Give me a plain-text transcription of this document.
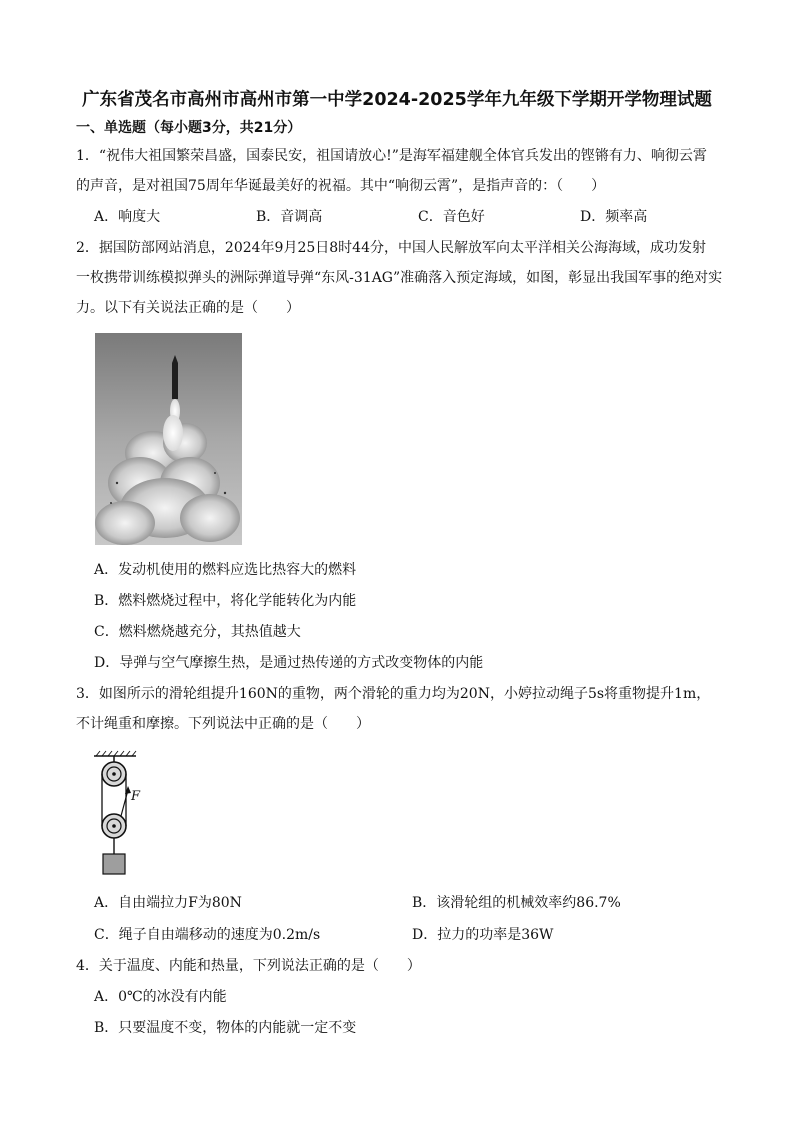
广东省茂名市高州市高州市第一中学2024-2025学年九年级下学期开学物理试题
一、单选题（每小题3分，共21分）
1．“祝伟大祖国繁荣昌盛，国泰民安，祖国请放心!”是海军福建舰全体官兵发出的铿锵有力、响彻云霄
的声音，是对祖国75周年华诞最美好的祝福。其中“响彻云霄”，是指声音的：（　　）
A．响度大	B．音调高	C．音色好	D．频率高
2．据国防部网站消息，2024年9月25日8时44分，中国人民解放军向太平洋相关公海海域，成功发射
一枚携带训练模拟弹头的洲际弹道导弹“东风-31AG”准确落入预定海域，如图，彰显出我国军事的绝对实
力。以下有关说法正确的是（　　）
A．发动机使用的燃料应选比热容大的燃料
B．燃料燃烧过程中，将化学能转化为内能
C．燃料燃烧越充分，其热值越大
D．导弹与空气摩擦生热，是通过热传递的方式改变物体的内能
3．如图所示的滑轮组提升160N的重物，两个滑轮的重力均为20N，小婷拉动绳子5s将重物提升1m，
不计绳重和摩擦。下列说法中正确的是（　　）
F
A．自由端拉力F为80N	B．该滑轮组的机械效率约86.7%
C．绳子自由端移动的速度为0.2m/s	D．拉力的功率是36W
4．关于温度、内能和热量，下列说法正确的是（　　）
A．0℃的冰没有内能
B．只要温度不变，物体的内能就一定不变
